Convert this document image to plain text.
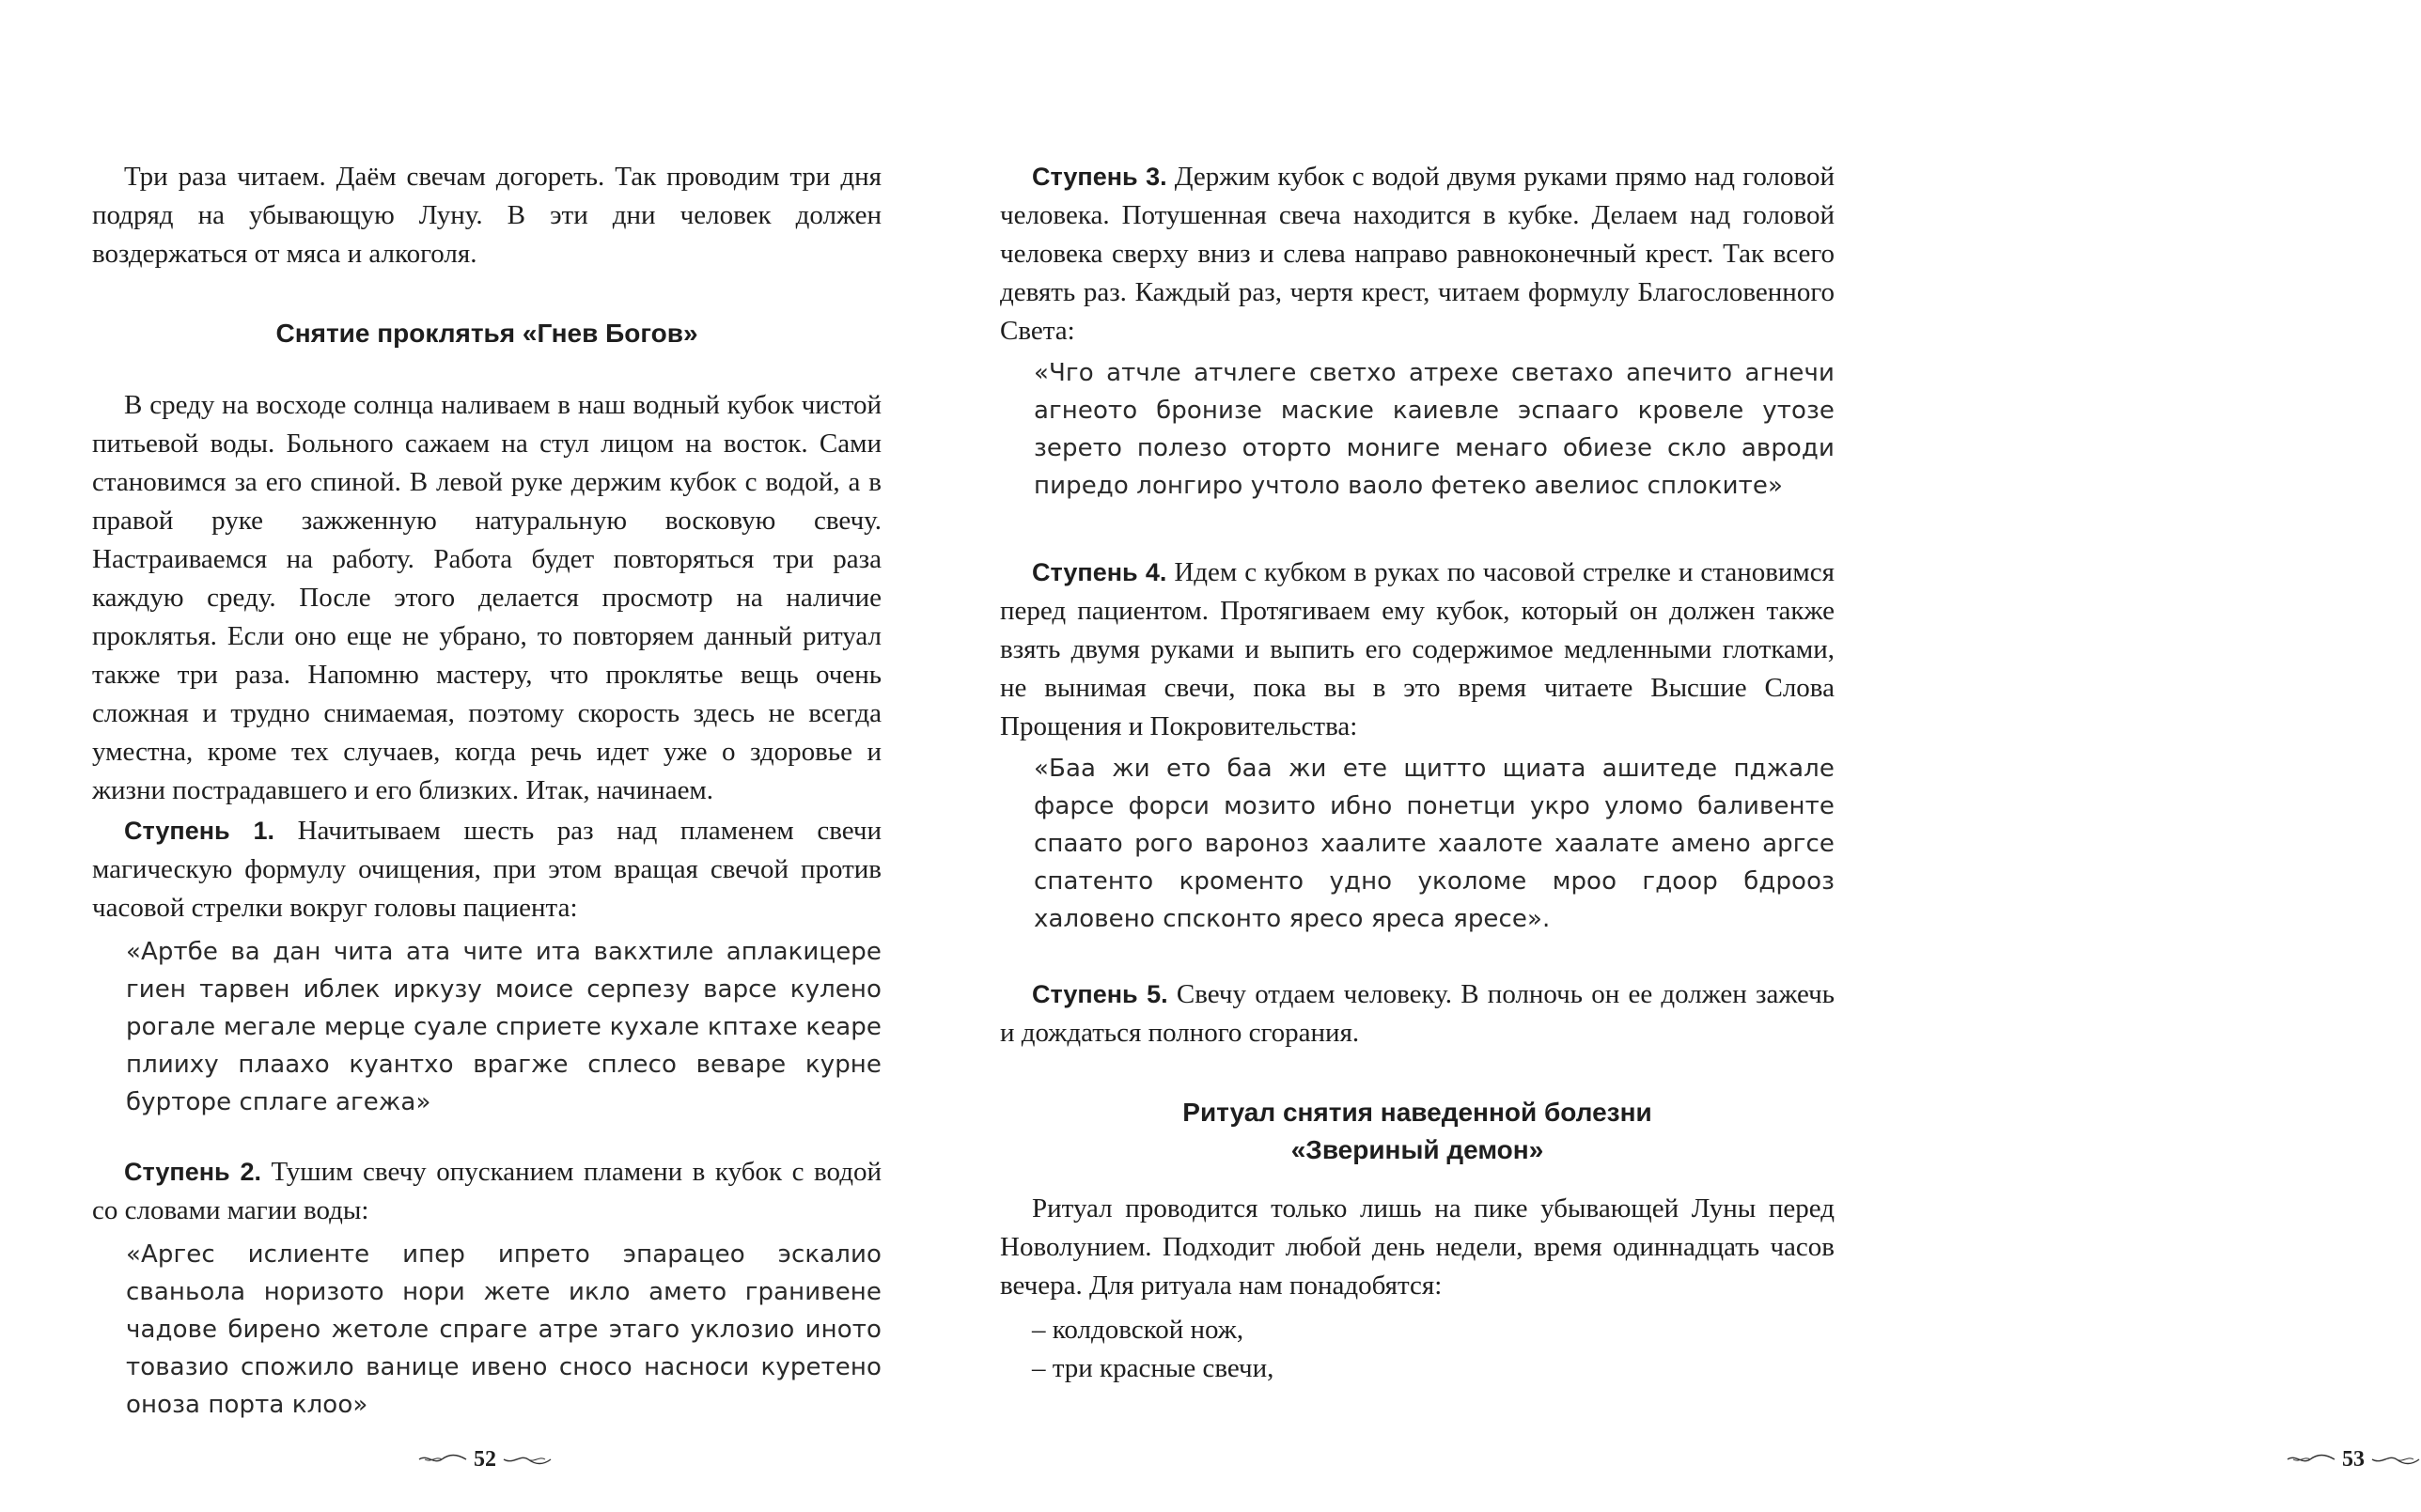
Три раза читаем. Даём свечам догореть. Так проводим три дня подряд на убывающую Луну. В эти дни человек должен воздержаться от мяса и алкоголя.

Снятие проклятья «Гнев Богов»

В среду на восходе солнца наливаем в наш водный кубок чистой питьевой воды. Больного сажаем на стул лицом на восток. Сами становимся за его спиной. В левой руке держим кубок с водой, а в правой руке зажженную натуральную восковую свечу. Настраиваемся на работу. Работа будет повторяться три раза каждую среду. После этого делается просмотр на наличие проклятья. Если оно еще не убрано, то повторяем данный ритуал также три раза. Напомню мастеру, что проклятье вещь очень сложная и трудно снимаемая, поэтому скорость здесь не всегда уместна, кроме тех случаев, когда речь идет уже о здоровье и жизни пострадавшего и его близких. Итак, начинаем.

Ступень 1. Начитываем шесть раз над пламенем свечи магическую формулу очищения, при этом вращая свечой против часовой стрелки вокруг головы пациента:

«Артбе ва дан чита ата чите ита вакхтиле аплакицере гиен тарвен иблек иркузу моисе серпезу варсе кулено рогале мегале мерце суале сприете кухале кптахе кеаре плииху плаахо куантхо врагже сплесо веваре курне бурторе сплаге агежа»

Ступень 2. Тушим свечу опусканием пламени в кубок с водой со словами магии воды:

«Аргес ислиенте ипер ипрето эпарацео эскалио сваньола норизото нори жете икло амето гранивене чадове бирено жетоле спраге атре этаго уклозио иното товазио спожило ванице ивено сносо насноси куретено оноза порта клоо»

52

Ступень 3. Держим кубок с водой двумя руками прямо над головой человека. Потушенная свеча находится в кубке. Делаем над головой человека сверху вниз и слева направо равноконечный крест. Так всего девять раз. Каждый раз, чертя крест, читаем формулу Благословенного Света:

«Чго атчле атчлеге светхо атрехе светахо апечито агнечи агнеото бронизе маские каиевле эспааго кровеле утозе зерето полезо оторто мониге менаго обиезе скло авроди пиредо лонгиро учтоло ваоло фетеко авелиос сплоките»

Ступень 4. Идем с кубком в руках по часовой стрелке и становимся перед пациентом. Протягиваем ему кубок, который он должен также взять двумя руками и выпить его содержимое медленными глотками, не вынимая свечи, пока вы в это время читаете Высшие Слова Прощения и Покровительства:

«Баа жи ето баа жи ете щитто щиата ашитеде пджале фарсе форси мозито ибно понетци укро уломо баливенте спаато рого вароноз хаалите хаалоте хаалате амено аргсе спатенто кроменто удно укoломе мроо гдоор бдрооз халовено спсконто яресо яреса яресе».

Ступень 5. Свечу отдаем человеку. В полночь он ее должен зажечь и дождаться полного сгорания.

Ритуал снятия наведенной болезни

«Звериный демон»

Ритуал проводится только лишь на пике убывающей Луны перед Новолунием. Подходит любой день недели, время одиннадцать часов вечера. Для ритуала нам понадобятся:

– колдовской нож,

– три красные свечи,

53
